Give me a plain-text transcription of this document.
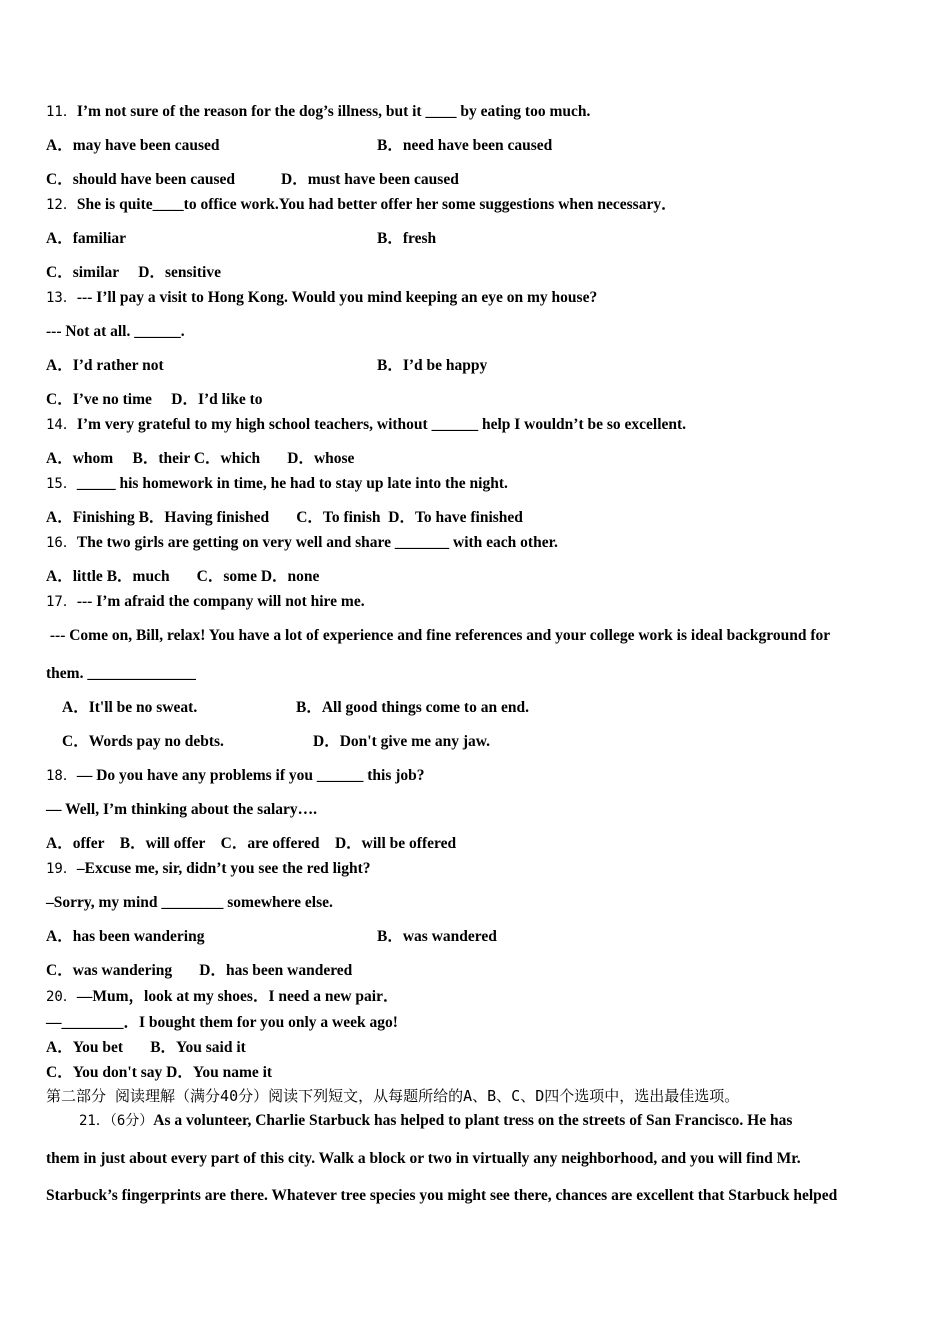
11．I’m not sure of the reason for the dog’s illness, but it ____ by eating too much.
A．may have been caused	B．need have been caused
C．should have been caused	D．must have been caused
12．She is quite____to office work.You had better offer her some suggestions when necessary．
A．familiar	B．fresh
C．similar     D．sensitive
13．--- I’ll pay a visit to Hong Kong. Would you mind keeping an eye on my house?
--- Not at all. ______.
A．I’d rather not	B．I’d be happy
C．I’ve no time     D．I’d like to
14．I’m very grateful to my high school teachers, without ______ help I wouldn’t be so excellent.
A．whom     B．their C．which       D．whose
15．_____ his homework in time, he had to stay up late into the night.
A．Finishing B．Having finished       C．To finish  D．To have finished
16．The two girls are getting on very well and share _______ with each other.
A．little B．much       C．some D．none
17．--- I’m afraid the company will not hire me.
--- Come on, Bill, relax! You have a lot of experience and fine references and your college work is ideal background for
them. ______________
A．It'll be no sweat.	B．All good things come to an end.
C．Words pay no debts.	D．Don't give me any jaw.
18．— Do you have any problems if you ______ this job?
— Well, I’m thinking about the salary….
A．offer    B．will offer    C．are offered    D．will be offered
19．–Excuse me, sir, didn’t you see the red light?
–Sorry, my mind ________ somewhere else.
A．has been wandering	B．was wandered
C．was wandering       D．has been wandered
20．—Mum，look at my shoes．I need a new pair．
—________．I bought them for you only a week ago!
A．You bet       B．You said it
C．You don't say D．You name it
第二部分 阅读理解（满分40分）阅读下列短文，从每题所给的A、B、C、D四个选项中，选出最佳选项。
21．（6分）As a volunteer, Charlie Starbuck has helped to plant tress on the streets of San Francisco. He has
them in just about every part of this city. Walk a block or two in virtually any neighborhood, and you will find Mr.
Starbuck’s fingerprints are there. Whatever tree species you might see there, chances are excellent that Starbuck helped
